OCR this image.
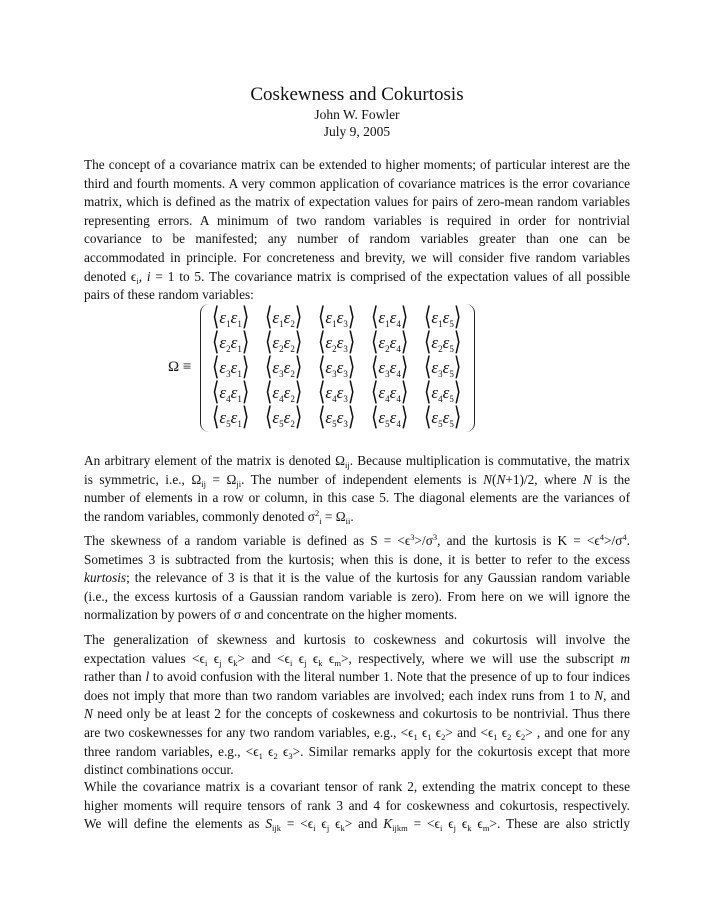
Coskewness and Cokurtosis
John W. Fowler
July 9, 2005
The concept of a covariance matrix can be extended to higher moments; of particular interest are the
third and fourth moments. A very common application of covariance matrices is the error covariance
matrix, which is defined as the matrix of expectation values for pairs of zero-mean random variables
representing errors. A minimum of two random variables is required in order for nontrivial
covariance to be manifested; any number of random variables greater than one can be
accommodated in principle. For concreteness and brevity, we will consider five random variables
denoted $\epsilon_i$, i = 1 to 5. The covariance matrix is comprised of the expectation values of all possible
pairs of these random variables:
Ω ≡
$⟨\varepsilon_1\varepsilon_1⟩$ $⟨\varepsilon_1\varepsilon_2⟩$ $⟨\varepsilon_1\varepsilon_3⟩$ $⟨\varepsilon_1\varepsilon_4⟩$ $⟨\varepsilon_1\varepsilon_5⟩$
$⟨\varepsilon_2\varepsilon_1⟩$ $⟨\varepsilon_2\varepsilon_2⟩$ $⟨\varepsilon_2\varepsilon_3⟩$ $⟨\varepsilon_2\varepsilon_4⟩$ $⟨\varepsilon_2\varepsilon_5⟩$
$⟨\varepsilon_3\varepsilon_1⟩$ $⟨\varepsilon_3\varepsilon_2⟩$ $⟨\varepsilon_3\varepsilon_3⟩$ $⟨\varepsilon_3\varepsilon_4⟩$ $⟨\varepsilon_3\varepsilon_5⟩$
$⟨\varepsilon_4\varepsilon_1⟩$ $⟨\varepsilon_4\varepsilon_2⟩$ $⟨\varepsilon_4\varepsilon_3⟩$ $⟨\varepsilon_4\varepsilon_4⟩$ $⟨\varepsilon_4\varepsilon_5⟩$
$⟨\varepsilon_5\varepsilon_1⟩$ $⟨\varepsilon_5\varepsilon_2⟩$ $⟨\varepsilon_5\varepsilon_3⟩$ $⟨\varepsilon_5\varepsilon_4⟩$ $⟨\varepsilon_5\varepsilon_5⟩$
An arbitrary element of the matrix is denoted $\Omega_{ij}$. Because multiplication is commutative, the matrix
is symmetric, i.e., $\Omega_{ij} = \Omega_{ji}$. The number of independent elements is N(N+1)/2, where N is the
number of elements in a row or column, in this case 5. The diagonal elements are the variances of
the random variables, commonly denoted $\sigma^2_i = \Omega_{ii}$.
The skewness of a random variable is defined as $S = <\epsilon^3>/\sigma^3$, and the kurtosis is $K = <\epsilon^4>/\sigma^4$.
Sometimes 3 is subtracted from the kurtosis; when this is done, it is better to refer to the excess
kurtosis; the relevance of 3 is that it is the value of the kurtosis for any Gaussian random variable
(i.e., the excess kurtosis of a Gaussian random variable is zero). From here on we will ignore the
normalization by powers of σ and concentrate on the higher moments.
The generalization of skewness and kurtosis to coskewness and cokurtosis will involve the
expectation values $<\epsilon_i$ $\epsilon_j$ $\epsilon_k>$ and $<\epsilon_i$ $\epsilon_j$ $\epsilon_k$ $\epsilon_m>$, respectively, where we will use the subscript m
rather than l to avoid confusion with the literal number 1. Note that the presence of up to four indices
does not imply that more than two random variables are involved; each index runs from 1 to N, and
N need only be at least 2 for the concepts of coskewness and cokurtosis to be nontrivial. Thus there
are two coskewnesses for any two random variables, e.g., $<\epsilon_1$ $\epsilon_1$ $\epsilon_2>$ and $<\epsilon_1$ $\epsilon_2$ $\epsilon_2>$ , and one for any
three random variables, e.g., $<\epsilon_1$ $\epsilon_2$ $\epsilon_3>$. Similar remarks apply for the cokurtosis except that more
distinct combinations occur.
While the covariance matrix is a covariant tensor of rank 2, extending the matrix concept to these
higher moments will require tensors of rank 3 and 4 for coskewness and cokurtosis, respectively.
We will define the elements as $S_{ijk} = <\epsilon_i$ $\epsilon_j$ $\epsilon_k>$ and $K_{ijkm} = <\epsilon_i$ $\epsilon_j$ $\epsilon_k$ $\epsilon_m>$. These are also strictly
